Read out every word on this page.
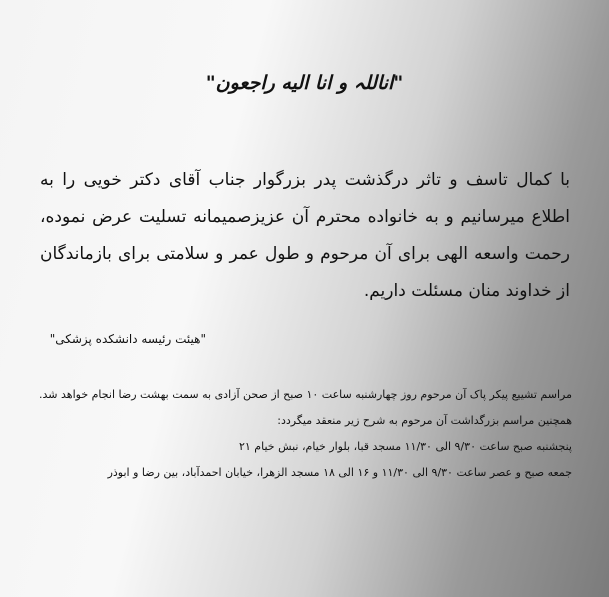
"اناللہ و انا الیه راجعون"
با کمال تاسف و تاثر درگذشت پدر بزرگوار جناب آقای دکتر خویی را به اطلاع میرسانیم و به خانواده محترم آن عزیزصمیمانه تسلیت عرض نموده، رحمت واسعه الهی برای آن مرحوم و طول عمر و سلامتی برای بازماندگان از خداوند منان مسئلت داریم.
"هیئت رئیسه دانشکده پزشکی"

مراسم تشییع پیکر پاک آن مرحوم روز چهارشنبه ساعت ۱۰ صبح از صحن آزادی به سمت بهشت رضا انجام خواهد شد.

همچنین مراسم بزرگداشت آن مرحوم به شرح زیر منعقد میگردد:

پنجشنبه صبح ساعت ۹/۳۰ الی ۱۱/۳۰ مسجد قبا، بلوار خیام، نبش خیام ۲۱

جمعه صبح و عصر ساعت ۹/۳۰ الی ۱۱/۳۰ و ۱۶ الی ۱۸ مسجد الزهرا، خیابان احمدآباد، بین رضا و ابوذر
